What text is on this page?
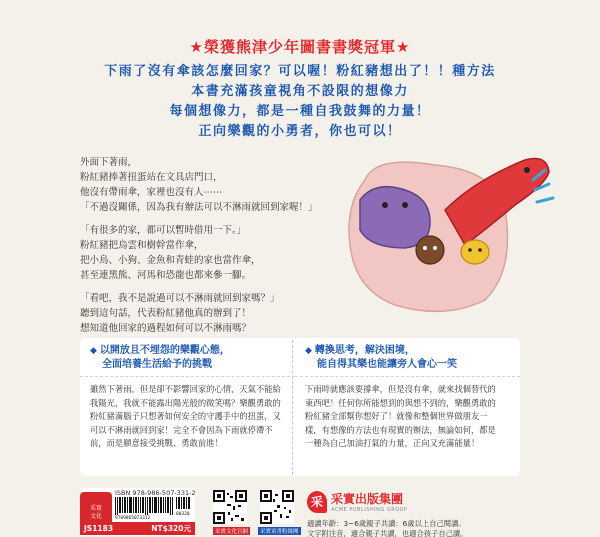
★榮獲熊津少年圖書書獎冠軍★
下雨了沒有傘該怎麼回家？可以喔！粉紅豬想出了！！種方法
本書充滿孩童視角不設限的想像力
每個想像力，都是一種自我鼓舞的力量！
正向樂觀的小勇者，你也可以！

外面下著雨，
粉紅豬捧著扭蛋站在文具店門口，
他沒有帶雨傘，家裡也沒有人⋯⋯
「不過沒關係，因為我有辦法可以不淋雨就回到家喔！」

「有很多的家，都可以暫時借用一下。」
粉紅豬把烏雲和樹幹當作傘，
把小鳥、小狗、金魚和青蛙的家也當作傘，
甚至連黑熊、河馬和恐龍也都來參一腳。

「看吧，我不是說過可以不淋雨就回到家嗎？」
聽到這句話，代表粉紅豬他真的辦到了！
想知道他回家的過程如何可以不淋雨嗎？

◆ 以開放且不埋怨的樂觀心態，
全面培養生活給予的挑戰
雖然下著雨，但是卻不影響回家的心情，天氣不能給
我陽光，我就不能露出陽光般的微笑嗎？樂觀勇敢的
粉紅豬滿腦子只想著如何安全的守護手中的扭蛋，又
可以不淋雨就回到家！完全不會因為下雨就停滯不
前，而是願意接受挑戰、勇敢前進！
◆ 轉換思考，解決困境，
能自得其樂也能讓旁人會心一笑
下雨時就應該要撐傘，但是沒有傘，就來找個替代的
東西吧！任何你所能想到的與想不到的，樂觀勇敢的
粉紅豬全部幫你想好了！就像和整個世界做朋友一
樣，有想像的方法也有現實的辦法，無論如何，都是
一種為自己加油打氣的力量，正向又充滿能量！
采實
文化
ISBN 978-986-507-331-2
9789865073312
00320
JS1183	NT$320元	采實文化官網	采實童書粉絲團
采 采實出版集團
ACME PUBLISHING GROUP
適讀年齡：3~6歲親子共讀：6歲以上自己閱讀。
文字附注音，適合親子共讀，也適合孩子自己讀。
